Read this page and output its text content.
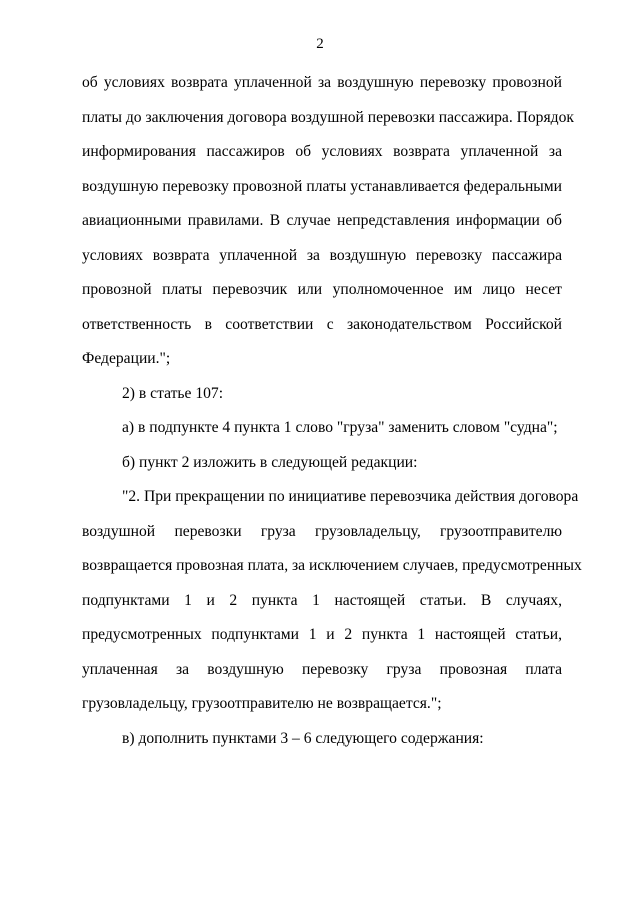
2
об условиях возврата уплаченной за воздушную перевозку провозной
платы до заключения договора воздушной перевозки пассажира. Порядок
информирования пассажиров об условиях возврата уплаченной за
воздушную перевозку провозной платы устанавливается федеральными
авиационными правилами. В случае непредставления информации об
условиях возврата уплаченной за воздушную перевозку пассажира
провозной платы перевозчик или уполномоченное им лицо несет
ответственность в соответствии с законодательством Российской
Федерации.";
2) в статье 107:
а) в подпункте 4 пункта 1 слово "груза" заменить словом "судна";
б) пункт 2 изложить в следующей редакции:
"2. При прекращении по инициативе перевозчика действия договора
воздушной перевозки груза грузовладельцу, грузоотправителю
возвращается провозная плата, за исключением случаев, предусмотренных
подпунктами 1 и 2 пункта 1 настоящей статьи. В случаях,
предусмотренных подпунктами 1 и 2 пункта 1 настоящей статьи,
уплаченная за воздушную перевозку груза провозная плата
грузовладельцу, грузоотправителю не возвращается.";
в) дополнить пунктами 3 – 6 следующего содержания:
